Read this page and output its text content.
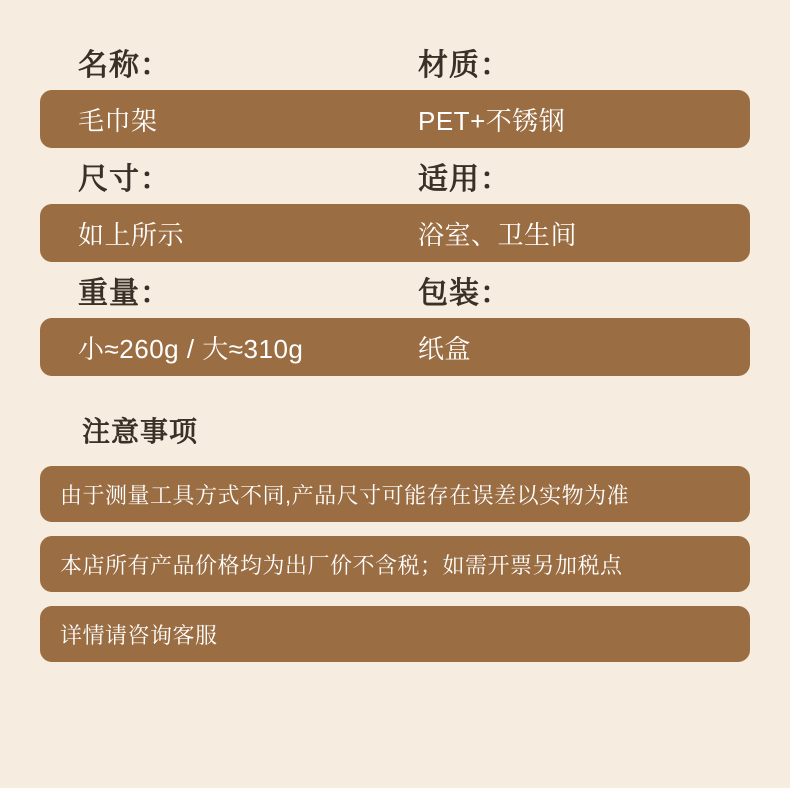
名称：	材质：
毛巾架	PET+不锈钢
尺寸：	适用：
如上所示	浴室、卫生间
重量：	包装：
小≈260g / 大≈310g	纸盒
注意事项
由于测量工具方式不同,产品尺寸可能存在误差以实物为准
本店所有产品价格均为出厂价不含税；如需开票另加税点
详情请咨询客服
